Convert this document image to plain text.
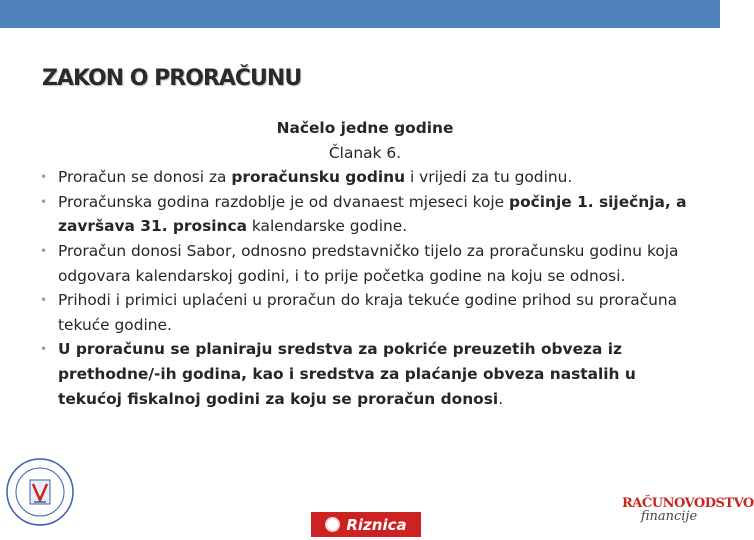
ZAKON O PRORAČUNU
Načelo jedne godine
Članak 6.
• Proračun se donosi za proračunsku godinu i vrijedi za tu godinu.
• Proračunska godina razdoblje je od dvanaest mjeseci koje počinje 1. siječnja, a završava 31. prosinca kalendarske godine.
• Proračun donosi Sabor, odnosno predstavničko tijelo za proračunsku godinu koja odgovara kalendarskoj godini, i to prije početka godine na koju se odnosi.
• Prihodi i primici uplaćeni u proračun do kraja tekuće godine prihod su proračuna tekuće godine.
• U proračunu se planiraju sredstva za pokriće preuzetih obveza iz prethodne/-ih godina, kao i sredstva za plaćanje obveza nastalih u tekućoj fiskalnoj godini za koju se proračun donosi.
Riznica
RAČUNOVODSTVO
financije
